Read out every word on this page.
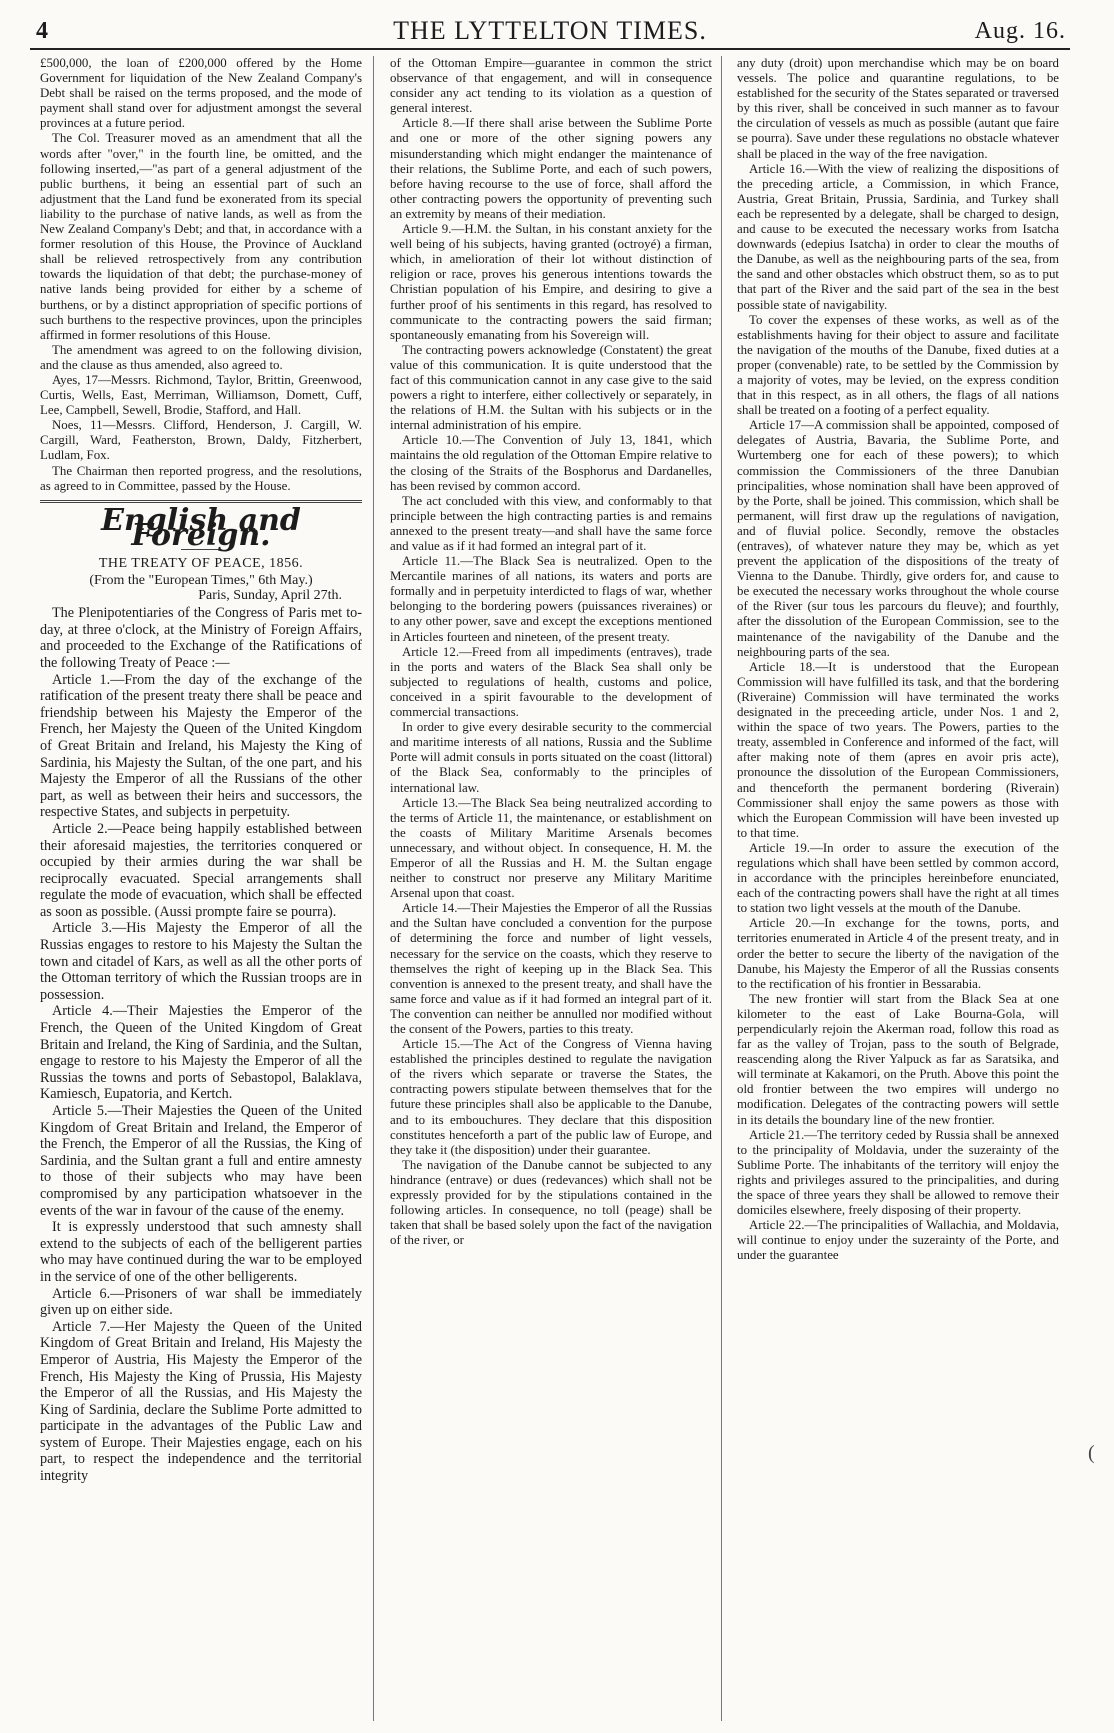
4	THE LYTTELTON TIMES.	Aug. 16.

£500,000, the loan of £200,000 offered by the Home Government for liquidation of the New Zealand Company's Debt shall be raised on the terms proposed, and the mode of payment shall stand over for adjustment amongst the several provinces at a future period.

The Col. Treasurer moved as an amendment that all the words after "over," in the fourth line, be omitted, and the following inserted,—"as part of a general adjustment of the public burthens, it being an essential part of such an adjustment that the Land fund be exonerated from its special liability to the purchase of native lands, as well as from the New Zealand Company's Debt; and that, in accordance with a former resolution of this House, the Province of Auckland shall be relieved retrospectively from any contribution towards the liquidation of that debt; the purchase-money of native lands being provided for either by a scheme of burthens, or by a distinct appropriation of specific portions of such burthens to the respective provinces, upon the principles affirmed in former resolutions of this House.

The amendment was agreed to on the following division, and the clause as thus amended, also agreed to.

Ayes, 17—Messrs. Richmond, Taylor, Brittin, Greenwood, Curtis, Wells, East, Merriman, Williamson, Domett, Cuff, Lee, Campbell, Sewell, Brodie, Stafford, and Hall.

Noes, 11—Messrs. Clifford, Henderson, J. Cargill, W. Cargill, Ward, Featherston, Brown, Daldy, Fitzherbert, Ludlam, Fox.

The Chairman then reported progress, and the resolutions, as agreed to in Committee, passed by the House.

English and Foreign.
THE TREATY OF PEACE, 1856.
(From the "European Times," 6th May.)
Paris, Sunday, April 27th.

The Plenipotentiaries of the Congress of Paris met to-day, at three o'clock, at the Ministry of Foreign Affairs, and proceeded to the Exchange of the Ratifications of the following Treaty of Peace :—

Article 1.—From the day of the exchange of the ratification of the present treaty there shall be peace and friendship between his Majesty the Emperor of the French, her Majesty the Queen of the United Kingdom of Great Britain and Ireland, his Majesty the King of Sardinia, his Majesty the Sultan, of the one part, and his Majesty the Emperor of all the Russians of the other part, as well as between their heirs and successors, the respective States, and subjects in perpetuity.

Article 2.—Peace being happily established between their aforesaid majesties, the territories conquered or occupied by their armies during the war shall be reciprocally evacuated. Special arrangements shall regulate the mode of evacuation, which shall be effected as soon as possible. (Aussi prompte faire se pourra).

Article 3.—His Majesty the Emperor of all the Russias engages to restore to his Majesty the Sultan the town and citadel of Kars, as well as all the other ports of the Ottoman territory of which the Russian troops are in possession.

Article 4.—Their Majesties the Emperor of the French, the Queen of the United Kingdom of Great Britain and Ireland, the King of Sardinia, and the Sultan, engage to restore to his Majesty the Emperor of all the Russias the towns and ports of Sebastopol, Balaklava, Kamiesch, Eupatoria, and Kertch.

Article 5.—Their Majesties the Queen of the United Kingdom of Great Britain and Ireland, the Emperor of the French, the Emperor of all the Russias, the King of Sardinia, and the Sultan grant a full and entire amnesty to those of their subjects who may have been compromised by any participation whatsoever in the events of the war in favour of the cause of the enemy.

It is expressly understood that such amnesty shall extend to the subjects of each of the belligerent parties who may have continued during the war to be employed in the service of one of the other belligerents.

Article 6.—Prisoners of war shall be immediately given up on either side.

Article 7.—Her Majesty the Queen of the United Kingdom of Great Britain and Ireland, His Majesty the Emperor of Austria, His Majesty the Emperor of the French, His Majesty the King of Prussia, His Majesty the Emperor of all the Russias, and His Majesty the King of Sardinia, declare the Sublime Porte admitted to participate in the advantages of the Public Law and system of Europe. Their Majesties engage, each on his part, to respect the independence and the territorial integrity

of the Ottoman Empire—guarantee in common the strict observance of that engagement, and will in consequence consider any act tending to its violation as a question of general interest.

Article 8.—If there shall arise between the Sublime Porte and one or more of the other signing powers any misunderstanding which might endanger the maintenance of their relations, the Sublime Porte, and each of such powers, before having recourse to the use of force, shall afford the other contracting powers the opportunity of preventing such an extremity by means of their mediation.

Article 9.—H.M. the Sultan, in his constant anxiety for the well being of his subjects, having granted (octroyé) a firman, which, in amelioration of their lot without distinction of religion or race, proves his generous intentions towards the Christian population of his Empire, and desiring to give a further proof of his sentiments in this regard, has resolved to communicate to the contracting powers the said firman; spontaneously emanating from his Sovereign will.

The contracting powers acknowledge (Constatent) the great value of this communication. It is quite understood that the fact of this communication cannot in any case give to the said powers a right to interfere, either collectively or separately, in the relations of H.M. the Sultan with his subjects or in the internal administration of his empire.

Article 10.—The Convention of July 13, 1841, which maintains the old regulation of the Ottoman Empire relative to the closing of the Straits of the Bosphorus and Dardanelles, has been revised by common accord.

The act concluded with this view, and conformably to that principle between the high contracting parties is and remains annexed to the present treaty—and shall have the same force and value as if it had formed an integral part of it.

Article 11.—The Black Sea is neutralized. Open to the Mercantile marines of all nations, its waters and ports are formally and in perpetuity interdicted to flags of war, whether belonging to the bordering powers (puissances riveraines) or to any other power, save and except the exceptions mentioned in Articles fourteen and nineteen, of the present treaty.

Article 12.—Freed from all impediments (entraves), trade in the ports and waters of the Black Sea shall only be subjected to regulations of health, customs and police, conceived in a spirit favourable to the development of commercial transactions.

In order to give every desirable security to the commercial and maritime interests of all nations, Russia and the Sublime Porte will admit consuls in ports situated on the coast (littoral) of the Black Sea, conformably to the principles of international law.

Article 13.—The Black Sea being neutralized according to the terms of Article 11, the maintenance, or establishment on the coasts of Military Maritime Arsenals becomes unnecessary, and without object. In consequence, H. M. the Emperor of all the Russias and H. M. the Sultan engage neither to construct nor preserve any Military Maritime Arsenal upon that coast.

Article 14.—Their Majesties the Emperor of all the Russias and the Sultan have concluded a convention for the purpose of determining the force and number of light vessels, necessary for the service on the coasts, which they reserve to themselves the right of keeping up in the Black Sea. This convention is annexed to the present treaty, and shall have the same force and value as if it had formed an integral part of it. The convention can neither be annulled nor modified without the consent of the Powers, parties to this treaty.

Article 15.—The Act of the Congress of Vienna having established the principles destined to regulate the navigation of the rivers which separate or traverse the States, the contracting powers stipulate between themselves that for the future these principles shall also be applicable to the Danube, and to its embouchures. They declare that this disposition constitutes henceforth a part of the public law of Europe, and they take it (the disposition) under their guarantee.

The navigation of the Danube cannot be subjected to any hindrance (entrave) or dues (redevances) which shall not be expressly provided for by the stipulations contained in the following articles. In consequence, no toll (peage) shall be taken that shall be based solely upon the fact of the navigation of the river, or

any duty (droit) upon merchandise which may be on board vessels. The police and quarantine regulations, to be established for the security of the States separated or traversed by this river, shall be conceived in such manner as to favour the circulation of vessels as much as possible (autant que faire se pourra). Save under these regulations no obstacle whatever shall be placed in the way of the free navigation.

Article 16.—With the view of realizing the dispositions of the preceding article, a Commission, in which France, Austria, Great Britain, Prussia, Sardinia, and Turkey shall each be represented by a delegate, shall be charged to design, and cause to be executed the necessary works from Isatcha downwards (edepius Isatcha) in order to clear the mouths of the Danube, as well as the neighbouring parts of the sea, from the sand and other obstacles which obstruct them, so as to put that part of the River and the said part of the sea in the best possible state of navigability.

To cover the expenses of these works, as well as of the establishments having for their object to assure and facilitate the navigation of the mouths of the Danube, fixed duties at a proper (convenable) rate, to be settled by the Commission by a majority of votes, may be levied, on the express condition that in this respect, as in all others, the flags of all nations shall be treated on a footing of a perfect equality.

Article 17—A commission shall be appointed, composed of delegates of Austria, Bavaria, the Sublime Porte, and Wurtemberg one for each of these powers); to which commission the Commissioners of the three Danubian principalities, whose nomination shall have been approved of by the Porte, shall be joined. This commission, which shall be permanent, will first draw up the regulations of navigation, and of fluvial police. Secondly, remove the obstacles (entraves), of whatever nature they may be, which as yet prevent the application of the dispositions of the treaty of Vienna to the Danube. Thirdly, give orders for, and cause to be executed the necessary works throughout the whole course of the River (sur tous les parcours du fleuve); and fourthly, after the dissolution of the European Commission, see to the maintenance of the navigability of the Danube and the neighbouring parts of the sea.

Article 18.—It is understood that the European Commission will have fulfilled its task, and that the bordering (Riveraine) Commission will have terminated the works designated in the preceeding article, under Nos. 1 and 2, within the space of two years. The Powers, parties to the treaty, assembled in Conference and informed of the fact, will after making note of them (apres en avoir pris acte), pronounce the dissolution of the European Commissioners, and thenceforth the permanent bordering (Riverain) Commissioner shall enjoy the same powers as those with which the European Commission will have been invested up to that time.

Article 19.—In order to assure the execution of the regulations which shall have been settled by common accord, in accordance with the principles hereinbefore enunciated, each of the contracting powers shall have the right at all times to station two light vessels at the mouth of the Danube.

Article 20.—In exchange for the towns, ports, and territories enumerated in Article 4 of the present treaty, and in order the better to secure the liberty of the navigation of the Danube, his Majesty the Emperor of all the Russias consents to the rectification of his frontier in Bessarabia.

The new frontier will start from the Black Sea at one kilometer to the east of Lake Bourna-Gola, will perpendicularly rejoin the Akerman road, follow this road as far as the valley of Trojan, pass to the south of Belgrade, reascending along the River Yalpuck as far as Saratsika, and will terminate at Kakamori, on the Pruth. Above this point the old frontier between the two empires will undergo no modification. Delegates of the contracting powers will settle in its details the boundary line of the new frontier.

Article 21.—The territory ceded by Russia shall be annexed to the principality of Moldavia, under the suzerainty of the Sublime Porte. The inhabitants of the territory will enjoy the rights and privileges assured to the principalities, and during the space of three years they shall be allowed to remove their domiciles elsewhere, freely disposing of their property.

Article 22.—The principalities of Wallachia, and Moldavia, will continue to enjoy under the suzerainty of the Porte, and under the guarantee

(
